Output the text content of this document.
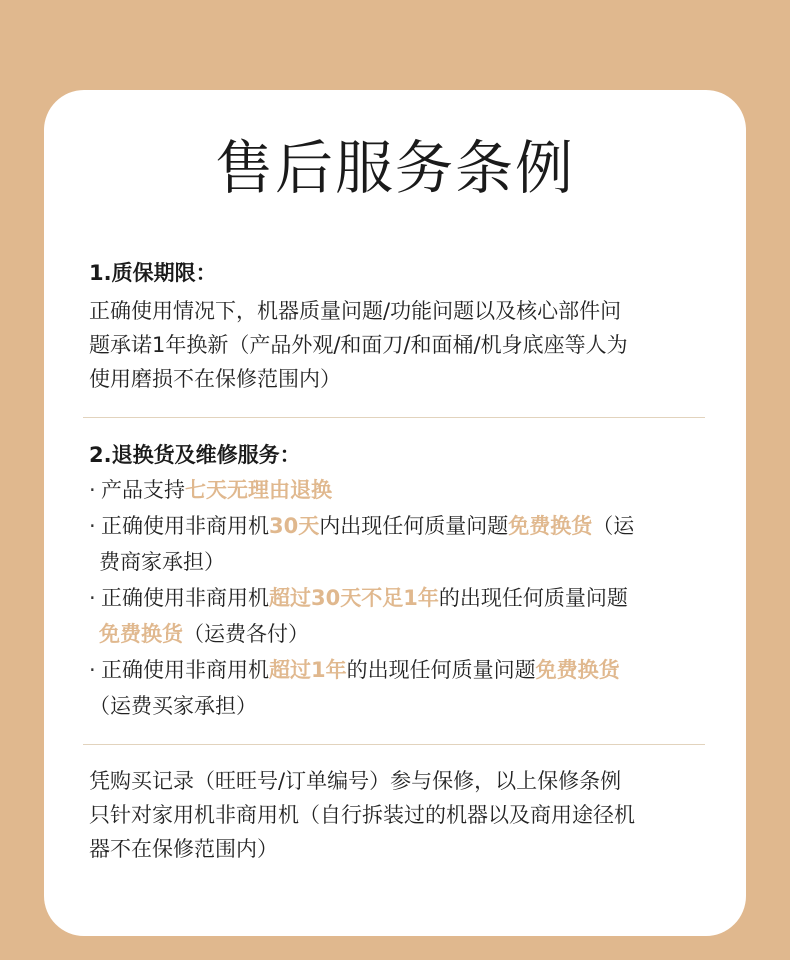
售后服务条例
1.质保期限：
正确使用情况下，机器质量问题/功能问题以及核心部件问
题承诺1年换新（产品外观/和面刀/和面桶/机身底座等人为
使用磨损不在保修范围内）
2.退换货及维修服务：
· 产品支持七天无理由退换
· 正确使用非商用机30天内出现任何质量问题免费换货（运
费商家承担）
· 正确使用非商用机超过30天不足1年的出现任何质量问题
免费换货（运费各付）
· 正确使用非商用机超过1年的出现任何质量问题免费换货
（运费买家承担）
凭购买记录（旺旺号/订单编号）参与保修，以上保修条例
只针对家用机非商用机（自行拆装过的机器以及商用途径机
器不在保修范围内）
